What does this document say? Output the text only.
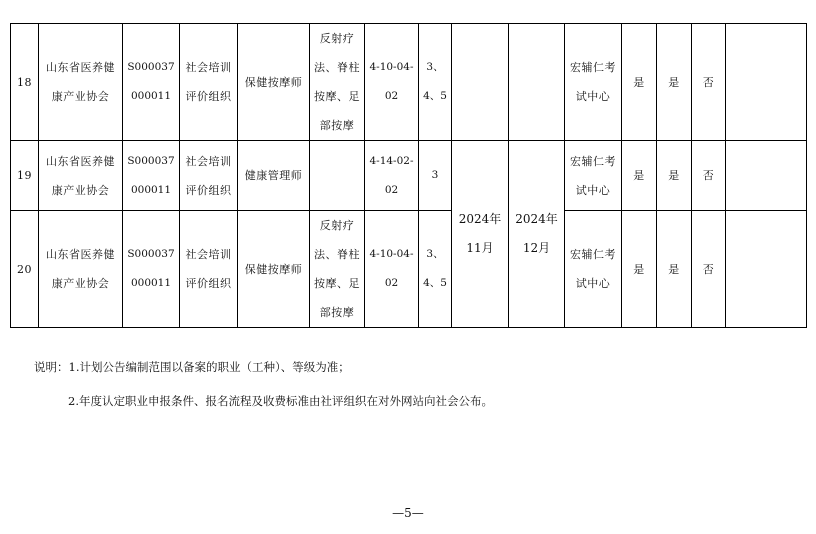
18	山东省医养健康产业协会	S000037000011	社会培训评价组织	保健按摩师	反射疗法、脊柱按摩、足部按摩	4-10-04-02	3、4、5			宏辅仁考试中心	是	是	否	

19	山东省医养健康产业协会	S000037000011	社会培训评价组织	健康管理师		4-14-02-02	3	2024年11月	2024年12月	宏辅仁考试中心	是	是	否	

20	山东省医养健康产业协会	S000037000011	社会培训评价组织	保健按摩师	反射疗法、脊柱按摩、足部按摩	4-10-04-02	3、4、5			宏辅仁考试中心	是	是	否	

说明：1.计划公告编制范围以备案的职业（工种）、等级为准；
2.年度认定职业申报条件、报名流程及收费标准由社评组织在对外网站向社会公布。
—5—
